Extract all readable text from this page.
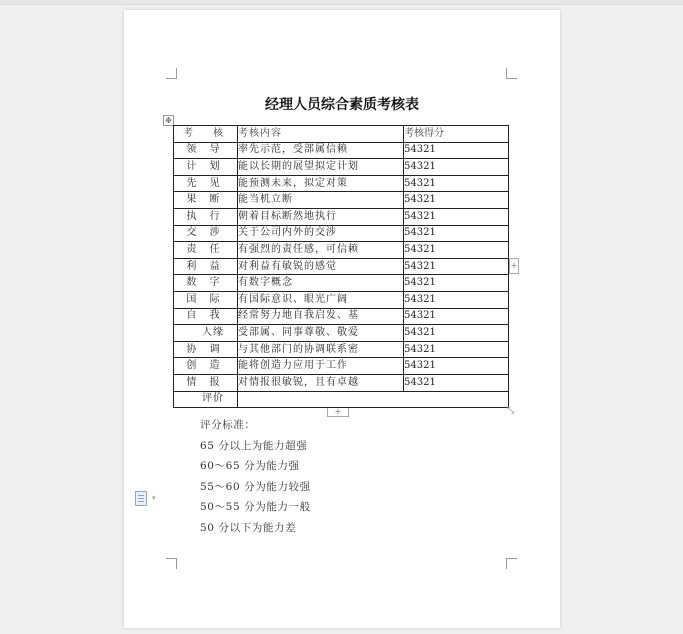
经理人员综合素质考核表
✥
考　核	考核内容	考核得分
领 导	率先示范，受部属信赖	54321
计 划	能以长期的展望拟定计划	54321
先 见	能预测未来，拟定对策	54321
果 断	能当机立断	54321
执 行	朝着目标断然地执行	54321
交 涉	关于公司内外的交涉	54321
责 任	有强烈的责任感，可信赖	54321
利 益	对利益有敏锐的感觉	54321
数 字	有数字概念	54321
国 际	有国际意识、眼光广阔	54321
自 我	经常努力地自我启发、基	54321
人缘	受部属、同事尊敬、敬爱	54321
协 调	与其他部门的协调联系密	54321
创 造	能将创造力应用于工作	54321
情 报	对情报很敏锐，且有卓越	54321
评价		
+
+	⤡
评分标准：
65 分以上为能力超强
60～65 分为能力强
55～60 分为能力较强
50～55 分为能力一般
50 分以下为能力差
▾
